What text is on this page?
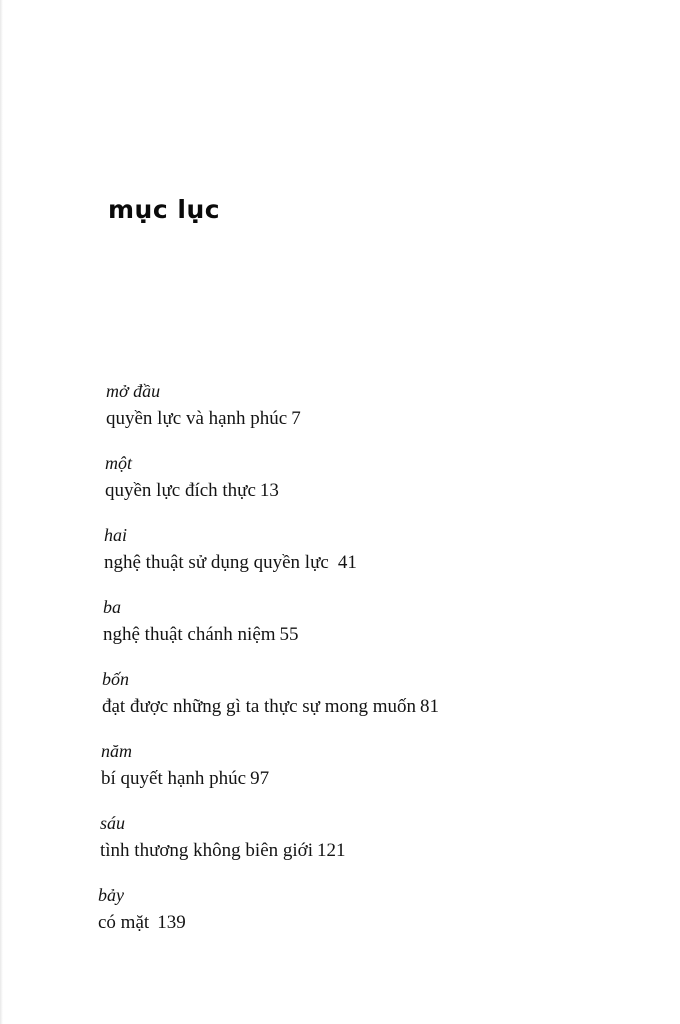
mục lục
mở đầu
quyền lực và hạnh phúc 7
một
quyền lực đích thực 13
hai
nghệ thuật sử dụng quyền lực 41
ba
nghệ thuật chánh niệm 55
bốn
đạt được những gì ta thực sự mong muốn 81
năm
bí quyết hạnh phúc 97
sáu
tình thương không biên giới 121
bảy
có mặt 139
